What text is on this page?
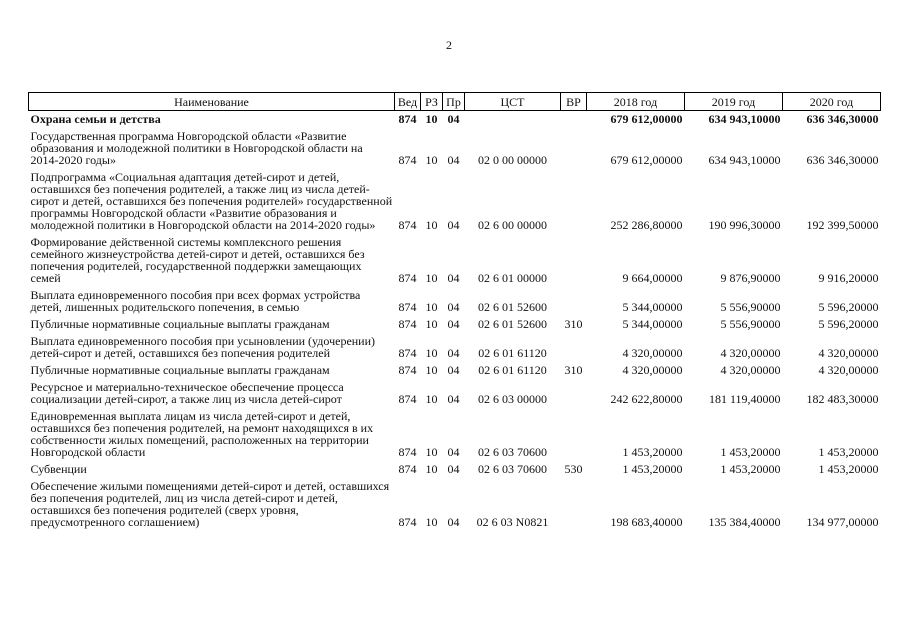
2
Наименование	Вед	РЗ	Пр	ЦСТ	ВР	2018 год	2019 год	2020 год
Охрана семьи и детства	874	10	04			679 612,00000	634 943,10000	636 346,30000
Государственная программа Новгородской области «Развитие образования и молодежной политики в Новгородской области на 2014-2020 годы»	874	10	04	02 0 00 00000		679 612,00000	634 943,10000	636 346,30000
Подпрограмма «Социальная адаптация детей-сирот и детей, оставшихся без попечения родителей, а также лиц из числа детей-сирот и детей, оставшихся без попечения родителей» государственной программы Новгородской области «Развитие образования и молодежной политики в Новгородской области на 2014-2020 годы»	874	10	04	02 6 00 00000		252 286,80000	190 996,30000	192 399,50000
Формирование действенной системы комплексного решения семейного жизнеустройства детей-сирот и детей, оставшихся без попечения родителей, государственной поддержки замещающих семей	874	10	04	02 6 01 00000		9 664,00000	9 876,90000	9 916,20000
Выплата единовременного пособия при всех формах устройства детей, лишенных родительского попечения, в семью	874	10	04	02 6 01 52600		5 344,00000	5 556,90000	5 596,20000
Публичные нормативные социальные выплаты гражданам	874	10	04	02 6 01 52600	310	5 344,00000	5 556,90000	5 596,20000
Выплата единовременного пособия при усыновлении (удочерении) детей-сирот и детей, оставшихся без попечения родителей	874	10	04	02 6 01 61120		4 320,00000	4 320,00000	4 320,00000
Публичные нормативные социальные выплаты гражданам	874	10	04	02 6 01 61120	310	4 320,00000	4 320,00000	4 320,00000
Ресурсное и материально-техническое обеспечение процесса социализации детей-сирот, а также лиц из числа детей-сирот	874	10	04	02 6 03 00000		242 622,80000	181 119,40000	182 483,30000
Единовременная выплата лицам из числа детей-сирот и детей, оставшихся без попечения родителей, на ремонт находящихся в их собственности жилых помещений, расположенных на территории Новгородской области	874	10	04	02 6 03 70600		1 453,20000	1 453,20000	1 453,20000
Субвенции	874	10	04	02 6 03 70600	530	1 453,20000	1 453,20000	1 453,20000
Обеспечение жилыми помещениями детей-сирот и детей, оставшихся без попечения родителей, лиц из числа детей-сирот и детей, оставшихся без попечения родителей (сверх уровня, предусмотренного соглашением)	874	10	04	02 6 03 N0821		198 683,40000	135 384,40000	134 977,00000
